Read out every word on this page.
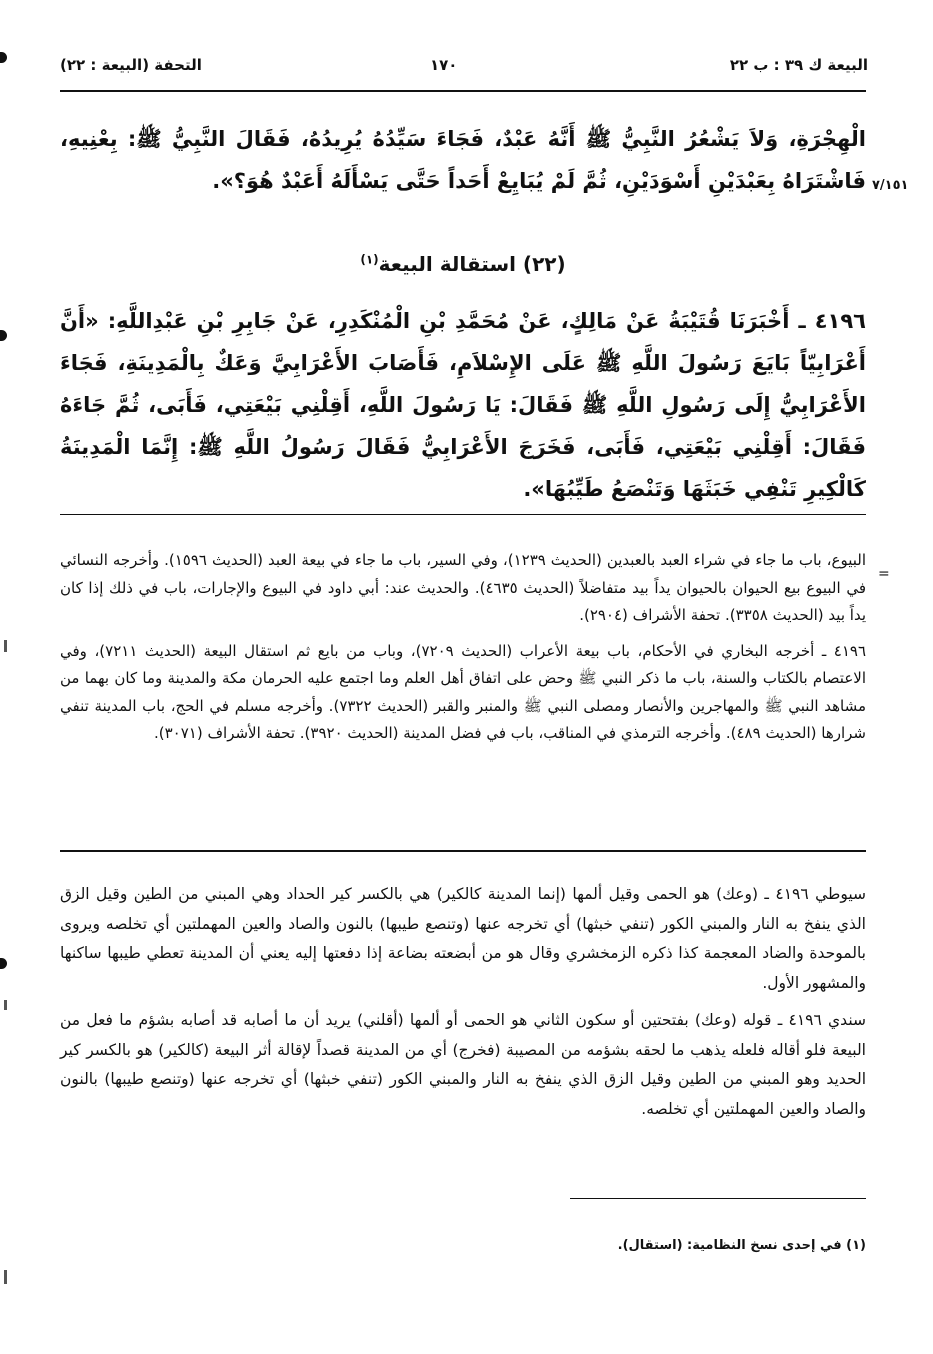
البيعة ك ٣٩ : ب ٢٢
١٧٠
التحفة (البيعة : ٢٢)
الْهِجْرَةِ، وَلاَ يَشْعُرُ النَّبِيُّ ﷺ أَنَّهُ عَبْدٌ، فَجَاءَ سَيِّدُهُ يُرِيدُهُ، فَقَالَ النَّبِيُّ ﷺ: بِعْنِيهِ، فَاشْتَرَاهُ بِعَبْدَيْنِ أَسْوَدَيْنِ، ثُمَّ لَمْ يُبَايِعْ أَحَداً حَتَّى يَسْأَلَهُ أَعَبْدٌ هُوَ؟». ٧/١٥١
(٢٢) استقالة البيعة$^{(١)}$
٤١٩٦ ـ أَخْبَرَنَا قُتَيْبَةُ عَنْ مَالِكٍ، عَنْ مُحَمَّدِ بْنِ الْمُنْكَدِرِ، عَنْ جَابِرِ بْنِ عَبْدِاللَّهِ: «أَنَّ أَعْرَابِيّاً بَايَعَ رَسُولَ اللَّهِ ﷺ عَلَى الإِسْلاَمِ، فَأَصَابَ الأَعْرَابِيَّ وَعَكٌ بِالْمَدِينَةِ، فَجَاءَ الأَعْرَابِيُّ إِلَى رَسُولِ اللَّهِ ﷺ فَقَالَ: يَا رَسُولَ اللَّهِ، أَقِلْنِي بَيْعَتِي، فَأَبَى، ثُمَّ جَاءَهُ فَقَالَ: أَقِلْنِي بَيْعَتِي، فَأَبَى، فَخَرَجَ الأَعْرَابِيُّ فَقَالَ رَسُولُ اللَّهِ ﷺ: إِنَّمَا الْمَدِينَةُ كَالْكِيرِ تَنْفِي خَبَثَهَا وَتَنْصَعُ طَيِّبُهَا».
=

البيوع، باب ما جاء في شراء العبد بالعبدين (الحديث ١٢٣٩)، وفي السير، باب ما جاء في بيعة العبد (الحديث ١٥٩٦). وأخرجه النسائي في البيوع بيع الحيوان بالحيوان يداً بيد متفاضلاً (الحديث ٤٦٣٥). والحديث عند: أبي داود في البيوع والإجارات، باب في ذلك إذا كان يداً بيد (الحديث ٣٣٥٨). تحفة الأشراف (٢٩٠٤).

٤١٩٦ ـ أخرجه البخاري في الأحكام، باب بيعة الأعراب (الحديث ٧٢٠٩)، وباب من بايع ثم استقال البيعة (الحديث ٧٢١١)، وفي الاعتصام بالكتاب والسنة، باب ما ذكر النبي ﷺ وحض على اتفاق أهل العلم وما اجتمع عليه الحرمان مكة والمدينة وما كان بهما من مشاهد النبي ﷺ والمهاجرين والأنصار ومصلى النبي ﷺ والمنبر والقبر (الحديث ٧٣٢٢). وأخرجه مسلم في الحج، باب المدينة تنفي شرارها (الحديث ٤٨٩). وأخرجه الترمذي في المناقب، باب في فضل المدينة (الحديث ٣٩٢٠). تحفة الأشراف (٣٠٧١).

سيوطي ٤١٩٦ ـ (وعك) هو الحمى وقيل ألمها (إنما المدينة كالكير) هي بالكسر كير الحداد وهي المبني من الطين وقيل الزق الذي ينفخ به النار والمبني الكور (تنفي خبثها) أي تخرجه عنها (وتنصع طيبها) بالنون والصاد والعين المهملتين أي تخلصه ويروى بالموحدة والضاد المعجمة كذا ذكره الزمخشري وقال هو من أبضعته بضاعة إذا دفعتها إليه يعني أن المدينة تعطي طيبها ساكنها والمشهور الأول.

سندي ٤١٩٦ ـ قوله (وعك) بفتحتين أو سكون الثاني هو الحمى أو ألمها (أقلني) يريد أن ما أصابه قد أصابه بشؤم ما فعل من البيعة فلو أقاله فلعله يذهب ما لحقه بشؤمه من المصيبة (فخرج) أي من المدينة قصداً لإقالة أثر البيعة (كالكير) هو بالكسر كير الحديد وهو المبني من الطين وقيل الزق الذي ينفخ به النار والمبني الكور (تنفي خبثها) أي تخرجه عنها (وتنصع طيبها) بالنون والصاد والعين المهملتين أي تخلصه.

(١) في إحدى نسخ النظامية: (استقال).
